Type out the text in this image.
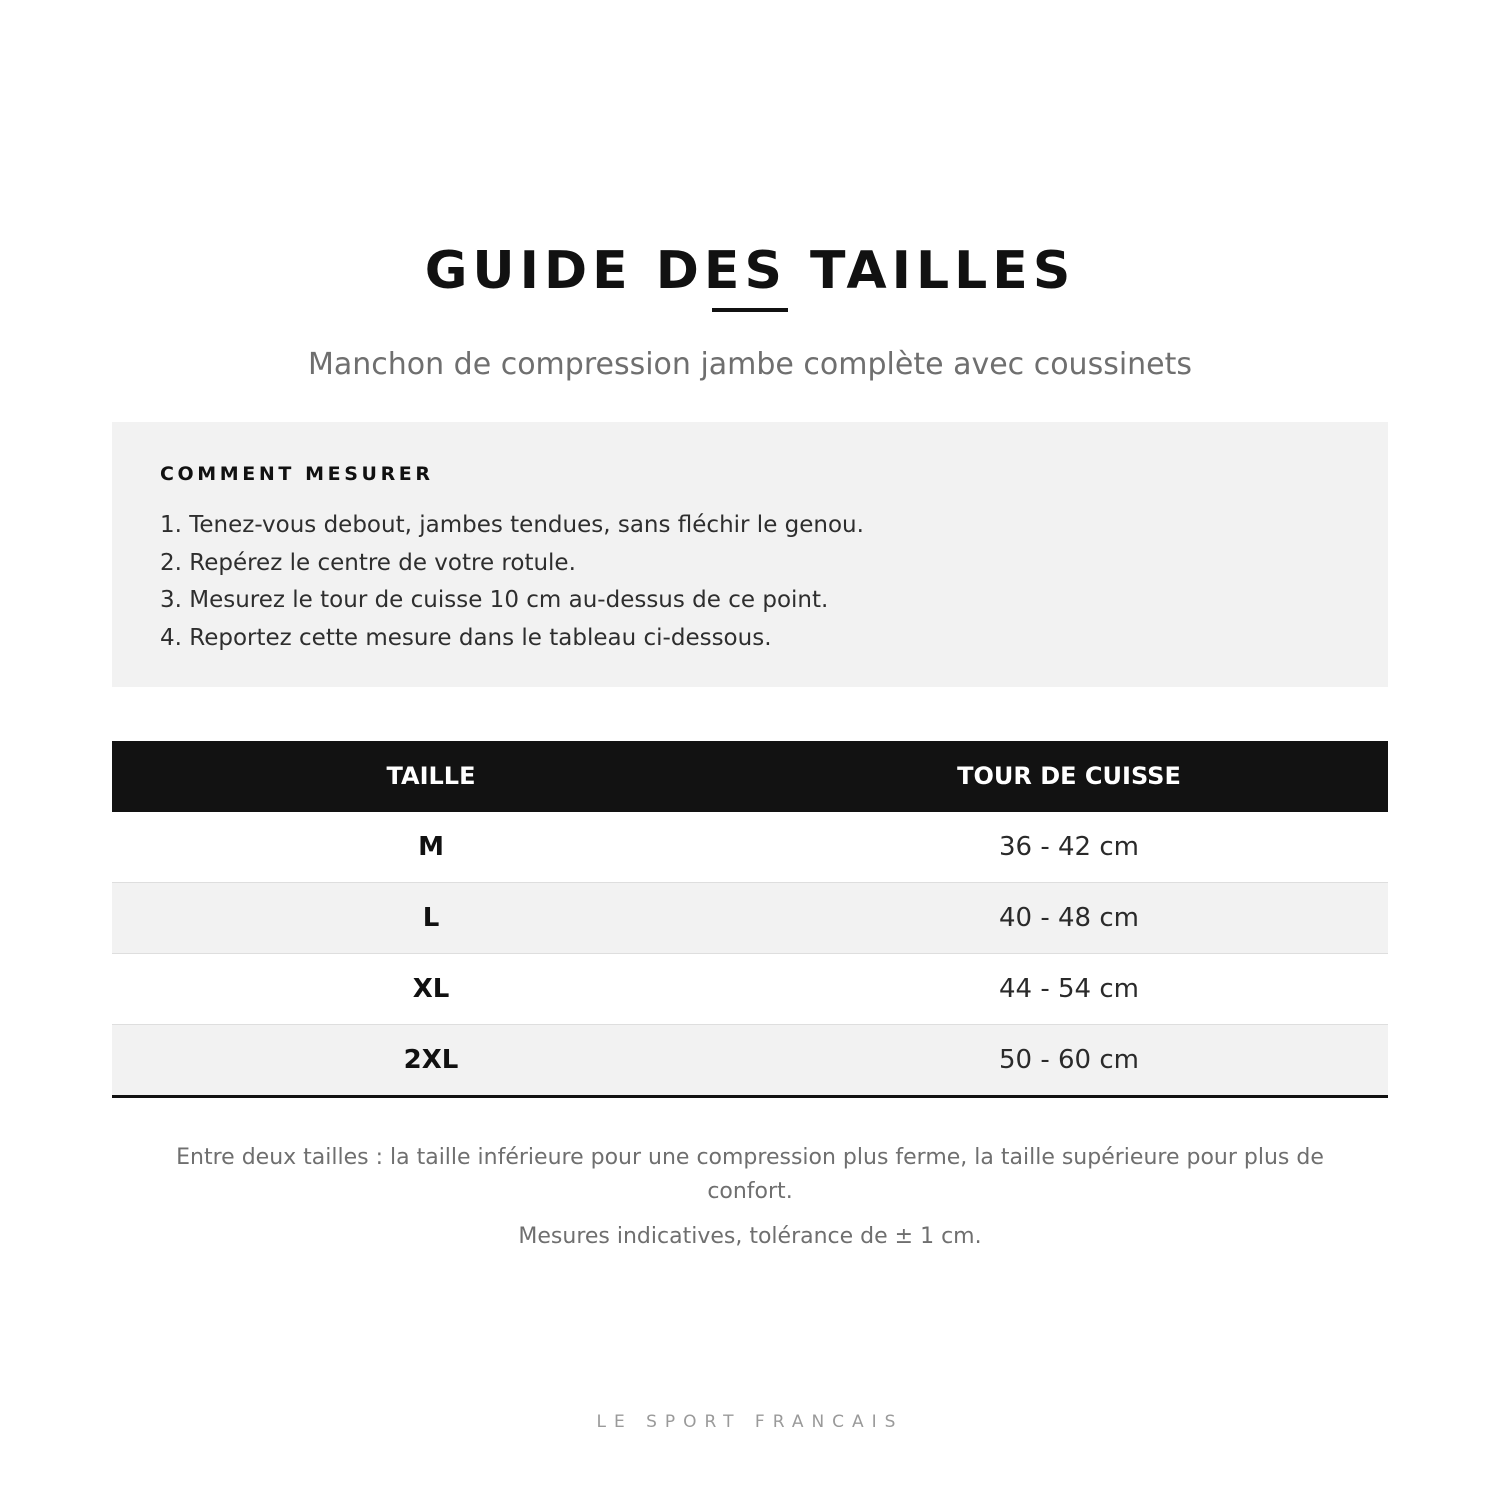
GUIDE DES TAILLES
Manchon de compression jambe complète avec coussinets
COMMENT MESURER
1. Tenez-vous debout, jambes tendues, sans fléchir le genou.
2. Repérez le centre de votre rotule.
3. Mesurez le tour de cuisse 10 cm au-dessus de ce point.
4. Reportez cette mesure dans le tableau ci-dessous.
TAILLE	TOUR DE CUISSE
M	36 - 42 cm
L	40 - 48 cm
XL	44 - 54 cm
2XL	50 - 60 cm
Entre deux tailles : la taille inférieure pour une compression plus ferme, la taille supérieure pour plus de confort.
Mesures indicatives, tolérance de ± 1 cm.
LE SPORT FRANCAIS
